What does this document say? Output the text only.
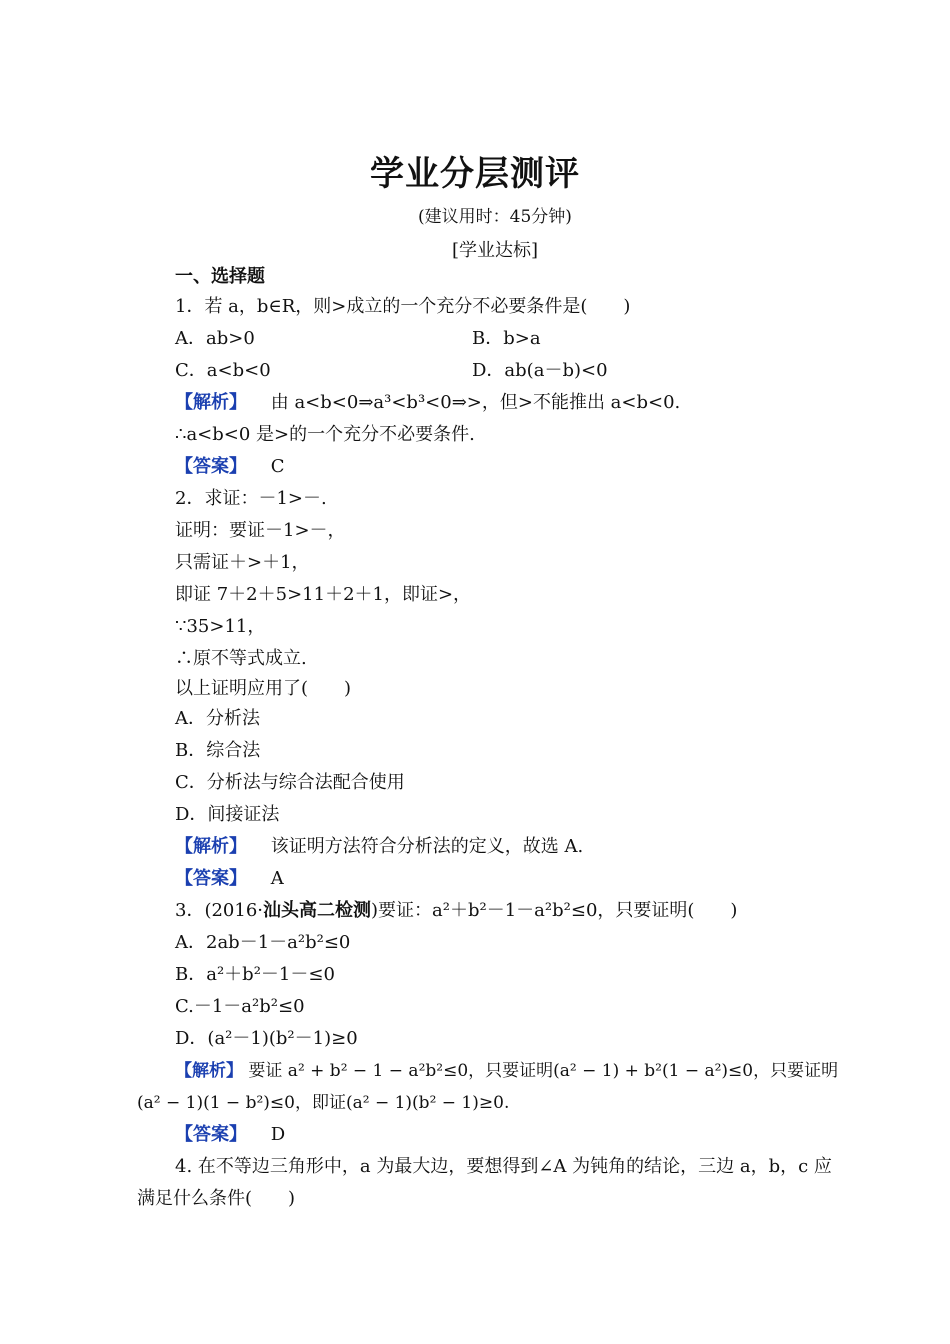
学业分层测评
(建议用时：45分钟)
[学业达标]
一、选择题
1．若 a，b∈R，则>成立的一个充分不必要条件是(　　)
A．ab>0	B．b>a
C．a<b<0	D．ab(a－b)<0
【解析】 由 a<b<0⇒a³<b³<0⇒>，但>不能推出 a<b<0.
∴a<b<0 是>的一个充分不必要条件.
【答案】 C
2．求证：－1>－.
证明：要证－1>－，
只需证＋>＋1，
即证 7＋2＋5>11＋2＋1，即证>，
∵35>11，
∴原不等式成立.
以上证明应用了(　　)
A．分析法
B．综合法
C．分析法与综合法配合使用
D．间接证法
【解析】 该证明方法符合分析法的定义，故选 A.
【答案】 A
3．(2016·汕头高二检测)要证：a²＋b²－1－a²b²≤0，只要证明(　　)
A．2ab－1－a²b²≤0
B．a²＋b²－1－≤0
C.－1－a²b²≤0
D．(a²－1)(b²－1)≥0
【解析】 要证 a² + b² − 1 − a²b²≤0，只要证明(a² − 1) + b²(1 − a²)≤0，只要证明
(a² − 1)(1 − b²)≤0，即证(a² − 1)(b² − 1)≥0.
【答案】 D
4. 在不等边三角形中，a 为最大边，要想得到∠A 为钝角的结论，三边 a，b，c 应
满足什么条件(　　)
